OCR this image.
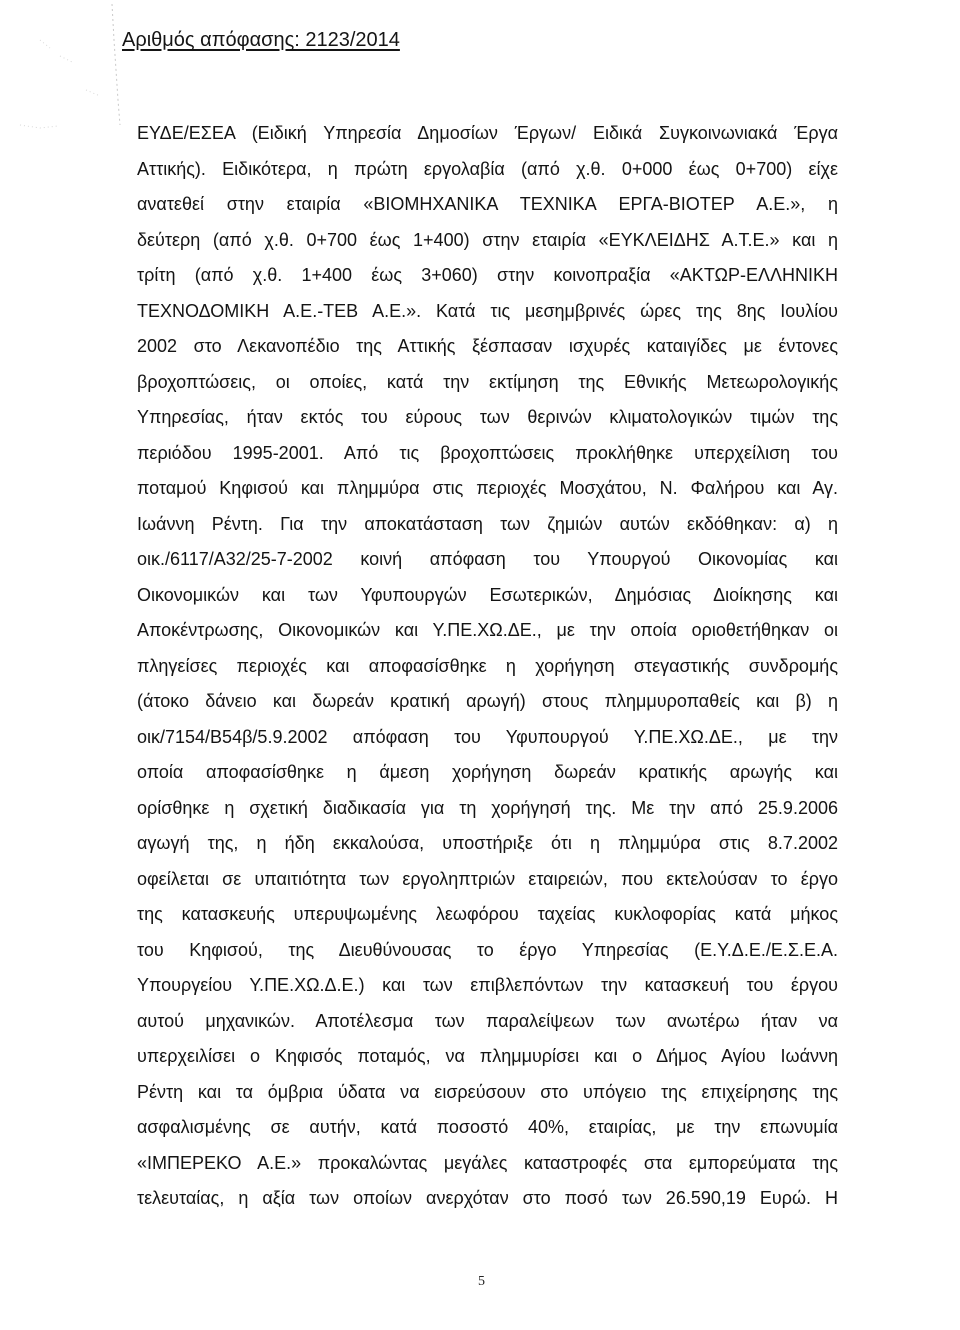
Αριθμός απόφασης: 2123/2014
ΕΥΔΕ/ΕΣΕΑ (Ειδική Υπηρεσία Δημοσίων Έργων/ Ειδικά Συγκοινωνιακά Έργα
Αττικής). Ειδικότερα, η πρώτη εργολαβία (από χ.θ. 0+000 έως 0+700) είχε
ανατεθεί στην εταιρία «ΒΙΟΜΗΧΑΝΙΚΑ ΤΕΧΝΙΚΑ ΕΡΓΑ-ΒΙΟΤΕΡ Α.Ε.», η
δεύτερη (από χ.θ. 0+700 έως 1+400) στην εταιρία «ΕΥΚΛΕΙΔΗΣ Α.Τ.Ε.» και η
τρίτη (από χ.θ. 1+400 έως 3+060) στην κοινοπραξία «ΑΚΤΩΡ-ΕΛΛΗΝΙΚΗ
ΤΕΧΝΟΔΟΜΙΚΗ Α.Ε.-ΤΕΒ Α.Ε.». Κατά τις μεσημβρινές ώρες της 8ης Ιουλίου
2002 στο Λεκανοπέδιο της Αττικής ξέσπασαν ισχυρές καταιγίδες με έντονες
βροχοπτώσεις, οι οποίες, κατά την εκτίμηση της Εθνικής Μετεωρολογικής
Υπηρεσίας, ήταν εκτός του εύρους των θερινών κλιματολογικών τιμών της
περιόδου 1995-2001. Από τις βροχοπτώσεις προκλήθηκε υπερχείλιση του
ποταμού Κηφισού και πλημμύρα στις περιοχές Μοσχάτου, Ν. Φαλήρου και Αγ.
Ιωάννη Ρέντη. Για την αποκατάσταση των ζημιών αυτών εκδόθηκαν: α) η
οικ./6117/Α32/25-7-2002 κοινή απόφαση του Υπουργού Οικονομίας και
Οικονομικών και των Υφυπουργών Εσωτερικών, Δημόσιας Διοίκησης και
Αποκέντρωσης, Οικονομικών και Υ.ΠΕ.ΧΩ.ΔΕ., με την οποία οριοθετήθηκαν οι
πληγείσες περιοχές και αποφασίσθηκε η χορήγηση στεγαστικής συνδρομής
(άτοκο δάνειο και δωρεάν κρατική αρωγή) στους πλημμυροπαθείς και β) η
οικ/7154/Β54β/5.9.2002 απόφαση του Υφυπουργού Υ.ΠΕ.ΧΩ.ΔΕ., με την
οποία αποφασίσθηκε η άμεση χορήγηση δωρεάν κρατικής αρωγής και
ορίσθηκε η σχετική διαδικασία για τη χορήγησή της. Με την από 25.9.2006
αγωγή της, η ήδη εκκαλούσα, υποστήριξε ότι η πλημμύρα στις 8.7.2002
οφείλεται σε υπαιτιότητα των εργοληπτριών εταιρειών, που εκτελούσαν το έργο
της κατασκευής υπερυψωμένης λεωφόρου ταχείας κυκλοφορίας κατά μήκος
του Κηφισού, της Διευθύνουσας το έργο Υπηρεσίας (Ε.Υ.Δ.Ε./Ε.Σ.Ε.Α.
Υπουργείου Υ.ΠΕ.ΧΩ.Δ.Ε.) και των επιβλεπόντων την κατασκευή του έργου
αυτού μηχανικών. Αποτέλεσμα των παραλείψεων των ανωτέρω ήταν να
υπερχειλίσει ο Κηφισός ποταμός, να πλημμυρίσει και ο Δήμος Αγίου Ιωάννη
Ρέντη και τα όμβρια ύδατα να εισρεύσουν στο υπόγειο της επιχείρησης της
ασφαλισμένης σε αυτήν, κατά ποσοστό 40%, εταιρίας, με την επωνυμία
«ΙΜΠΕΡΕΚΟ Α.Ε.» προκαλώντας μεγάλες καταστροφές στα εμπορεύματα της
τελευταίας, η αξία των οποίων ανερχόταν στο ποσό των 26.590,19 Ευρώ. Η
5
